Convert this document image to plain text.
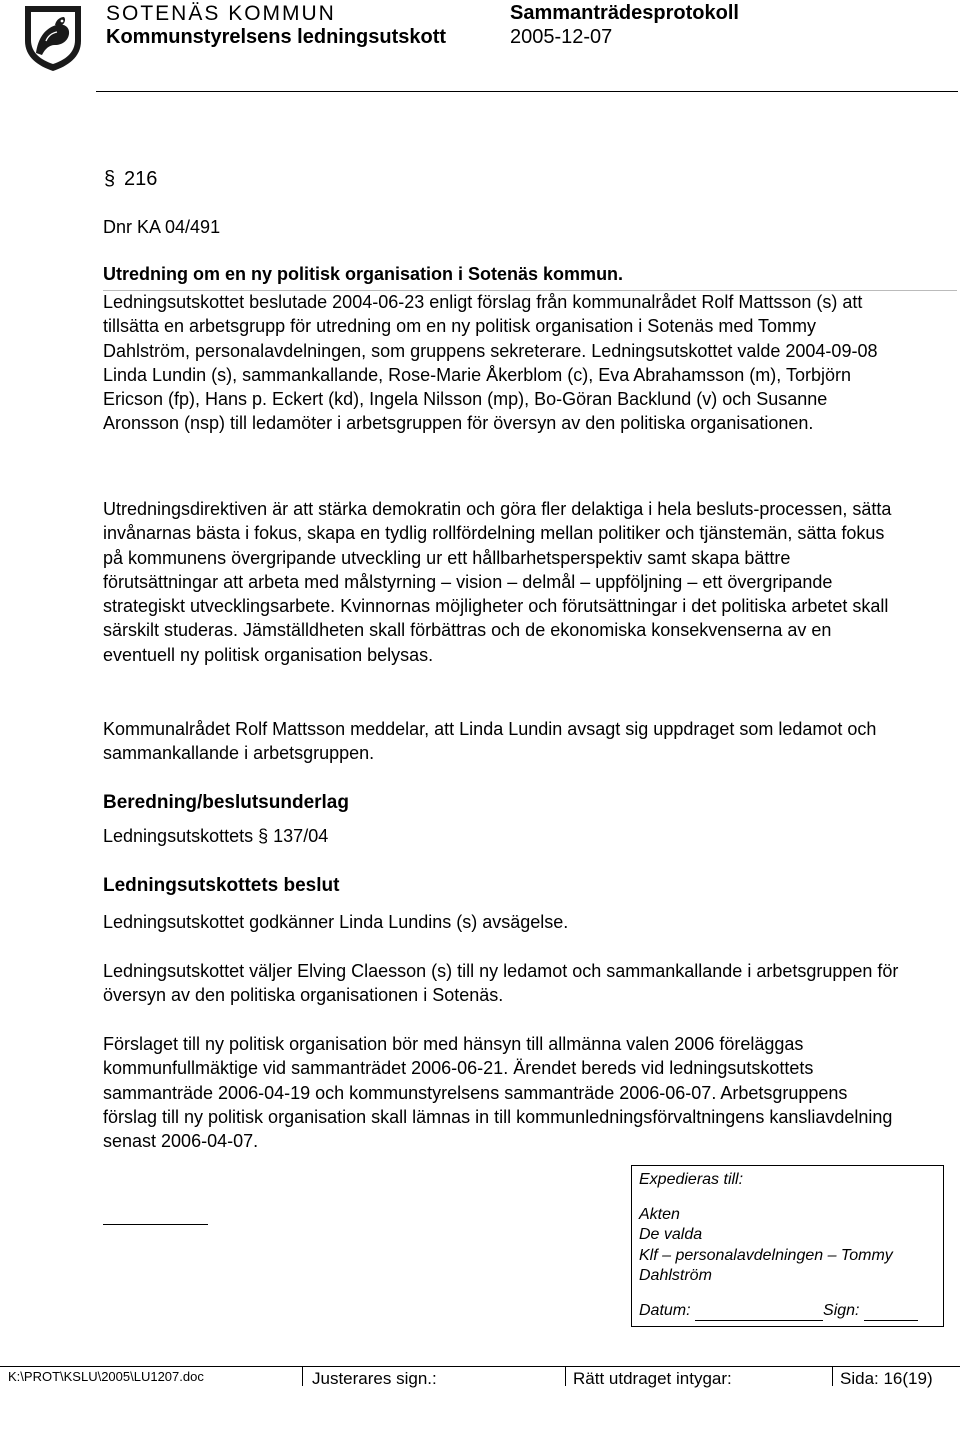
SOTENÄS KOMMUN
Kommunstyrelsens ledningsutskott
Sammanträdesprotokoll
2005-12-07
§ 216
Dnr KA 04/491
Utredning om en ny politisk organisation i Sotenäs kommun.

Ledningsutskottet beslutade 2004-06-23 enligt förslag från kommunalrådet Rolf Mattsson (s) att tillsätta en arbetsgrupp för utredning om en ny politisk organisation i Sotenäs med Tommy Dahlström, personalavdelningen, som gruppens sekreterare. Ledningsutskottet valde 2004-09-08 Linda Lundin (s), sammankallande, Rose-Marie Åkerblom (c), Eva Abrahamsson (m), Torbjörn Ericson (fp), Hans p. Eckert (kd), Ingela Nilsson (mp), Bo-Göran Backlund (v) och Susanne Aronsson (nsp) till ledamöter i arbetsgruppen för översyn av den politiska organisationen.

Utredningsdirektiven är att stärka demokratin och göra fler delaktiga i hela besluts-processen, sätta invånarnas bästa i fokus, skapa en tydlig rollfördelning mellan politiker och tjänstemän, sätta fokus på kommunens övergripande utveckling ur ett hållbarhetsperspektiv samt skapa bättre förutsättningar att arbeta med målstyrning – vision – delmål – uppföljning – ett övergripande strategiskt utvecklingsarbete. Kvinnornas möjligheter och förutsättningar i det politiska arbetet skall särskilt studeras. Jämställdheten skall förbättras och de ekonomiska konsekvenserna av en eventuell ny politisk organisation belysas.

Kommunalrådet Rolf Mattsson meddelar, att Linda Lundin avsagt sig uppdraget som ledamot och sammankallande i arbetsgruppen.

Beredning/beslutsunderlag
Ledningsutskottets § 137/04
Ledningsutskottets beslut

Ledningsutskottet godkänner Linda Lundins (s) avsägelse.

Ledningsutskottet väljer Elving Claesson (s) till ny ledamot och sammankallande i arbetsgruppen för översyn av den politiska organisationen i Sotenäs.

Förslaget till ny politisk organisation bör med hänsyn till allmänna valen 2006 föreläggas kommunfullmäktige vid sammanträdet 2006-06-21. Ärendet bereds vid ledningsutskottets sammanträde 2006-04-19 och kommunstyrelsens sammanträde 2006-06-07. Arbetsgruppens förslag till ny politisk organisation skall lämnas in till kommunledningsförvaltningens kansliavdelning senast 2006-04-07.

Expedieras till:
Akten
De valda
Klf – personalavdelningen – Tommy Dahlström
Datum:	Sign:
K:\PROT\KSLU\2005\LU1207.doc	Justerares sign.:	Rätt utdraget intygar:	Sida: 16(19)
